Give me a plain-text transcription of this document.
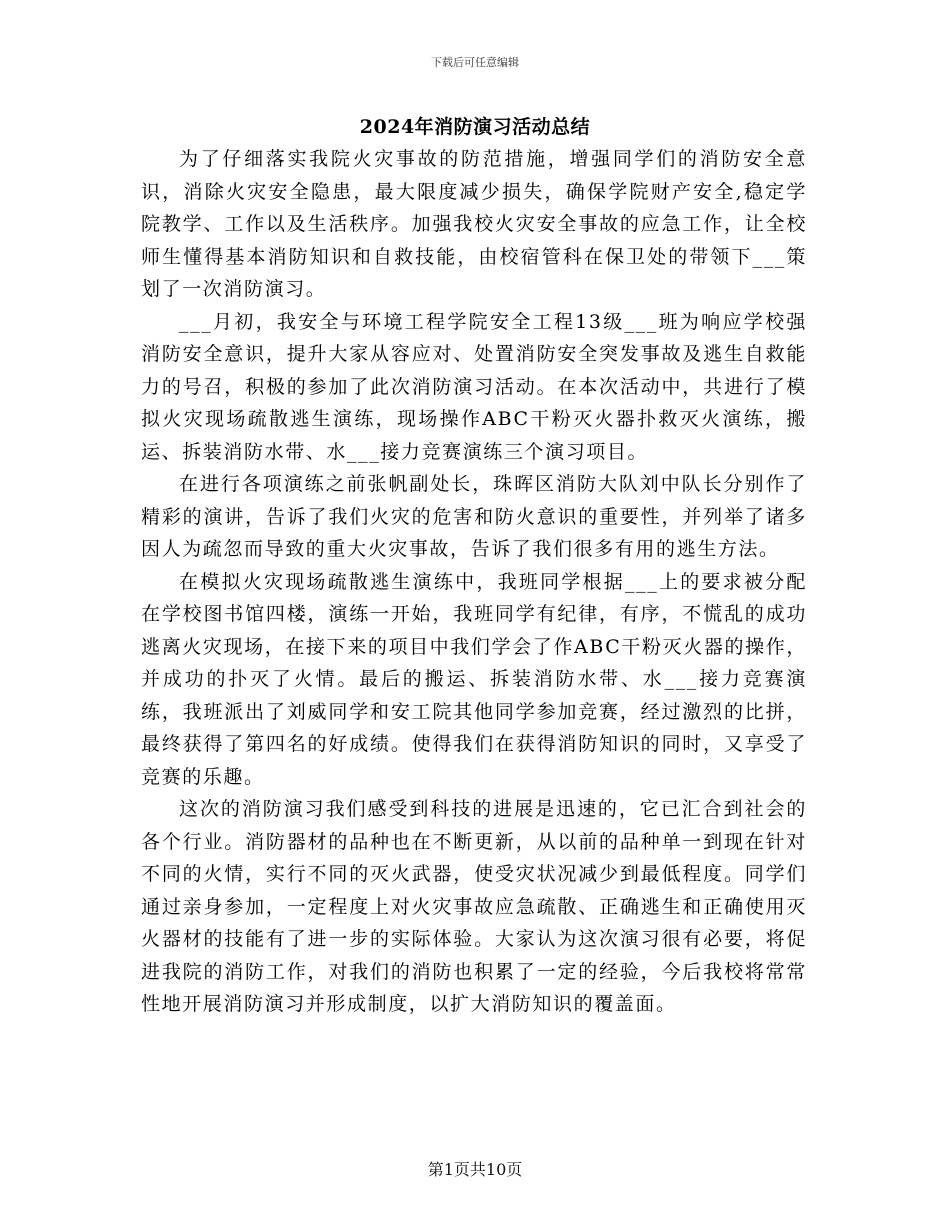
下载后可任意编辑
2024年消防演习活动总结

为了仔细落实我院火灾事故的防范措施，增强同学们的消防安全意识，消除火灾安全隐患，最大限度减少损失，确保学院财产安全,稳定学院教学、工作以及生活秩序。加强我校火灾安全事故的应急工作，让全校师生懂得基本消防知识和自救技能，由校宿管科在保卫处的带领下___策划了一次消防演习。

___月初，我安全与环境工程学院安全工程13级___班为响应学校强消防安全意识，提升大家从容应对、处置消防安全突发事故及逃生自救能力的号召，积极的参加了此次消防演习活动。在本次活动中，共进行了模拟火灾现场疏散逃生演练，现场操作ABC干粉灭火器扑救灭火演练，搬运、拆装消防水带、水___接力竞赛演练三个演习项目。

在进行各项演练之前张帆副处长，珠晖区消防大队刘中队长分别作了精彩的演讲，告诉了我们火灾的危害和防火意识的重要性，并列举了诸多因人为疏忽而导致的重大火灾事故，告诉了我们很多有用的逃生方法。

在模拟火灾现场疏散逃生演练中，我班同学根据___上的要求被分配在学校图书馆四楼，演练一开始，我班同学有纪律，有序，不慌乱的成功逃离火灾现场，在接下来的项目中我们学会了作ABC干粉灭火器的操作，并成功的扑灭了火情。最后的搬运、拆装消防水带、水___接力竞赛演练，我班派出了刘威同学和安工院其他同学参加竞赛，经过激烈的比拼，最终获得了第四名的好成绩。使得我们在获得消防知识的同时，又享受了竞赛的乐趣。

这次的消防演习我们感受到科技的进展是迅速的，它已汇合到社会的各个行业。消防器材的品种也在不断更新，从以前的品种单一到现在针对不同的火情，实行不同的灭火武器，使受灾状况减少到最低程度。同学们通过亲身参加，一定程度上对火灾事故应急疏散、正确逃生和正确使用灭火器材的技能有了进一步的实际体验。大家认为这次演习很有必要，将促进我院的消防工作，对我们的消防也积累了一定的经验，今后我校将常常性地开展消防演习并形成制度，以扩大消防知识的覆盖面。

第1页共10页
